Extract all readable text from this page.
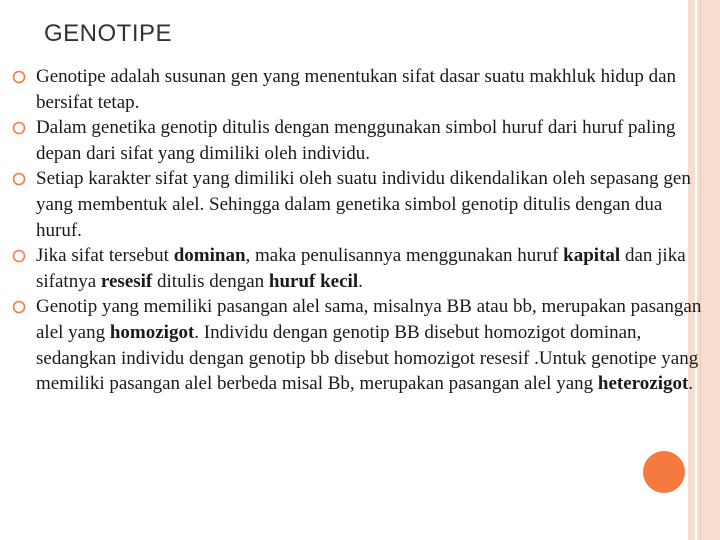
GENOTIPE
Genotipe adalah susunan gen yang menentukan sifat dasar suatu makhluk hidup dan bersifat tetap.
Dalam genetika genotip ditulis dengan menggunakan simbol huruf dari huruf paling depan dari sifat yang dimiliki oleh individu.
Setiap karakter sifat yang dimiliki oleh suatu individu dikendalikan oleh sepasang gen yang membentuk alel. Sehingga dalam genetika simbol genotip ditulis dengan dua huruf.
Jika sifat tersebut dominan, maka penulisannya menggunakan huruf kapital dan jika sifatnya resesif ditulis dengan huruf kecil.
Genotip yang memiliki pasangan alel sama, misalnya BB atau bb, merupakan pasangan alel yang homozigot. Individu dengan genotip BB disebut homozigot dominan, sedangkan individu dengan genotip bb disebut homozigot resesif .Untuk genotipe yang memiliki pasangan alel berbeda misal Bb, merupakan pasangan alel yang heterozigot.
